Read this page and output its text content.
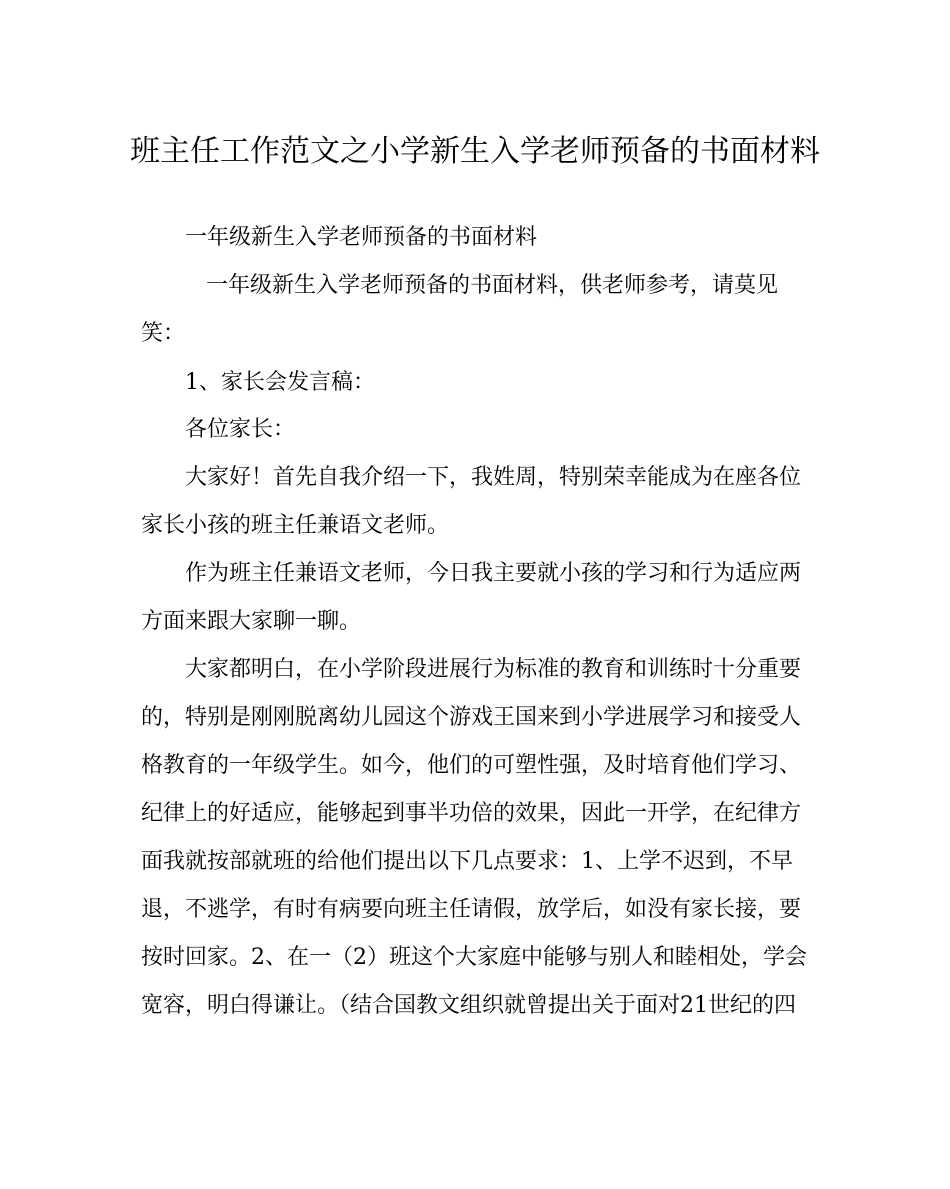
班主任工作范文之小学新生入学老师预备的书面材料
一年级新生入学老师预备的书面材料
一年级新生入学老师预备的书面材料，供老师参考，请莫见
笑：
1、家长会发言稿：
各位家长：
大家好！首先自我介绍一下，我姓周，特别荣幸能成为在座各位
家长小孩的班主任兼语文老师。
作为班主任兼语文老师，今日我主要就小孩的学习和行为适应两
方面来跟大家聊一聊。
大家都明白，在小学阶段进展行为标准的教育和训练时十分重要
的，特别是刚刚脱离幼儿园这个游戏王国来到小学进展学习和接受人
格教育的一年级学生。如今，他们的可塑性强，及时培育他们学习、
纪律上的好适应，能够起到事半功倍的效果，因此一开学，在纪律方
面我就按部就班的给他们提出以下几点要求：1、上学不迟到，不早
退，不逃学，有时有病要向班主任请假，放学后，如没有家长接，要
按时回家。2、在一（2）班这个大家庭中能够与别人和睦相处，学会
宽容，明白得谦让。（结合国教文组织就曾提出关于面对21世纪的四
